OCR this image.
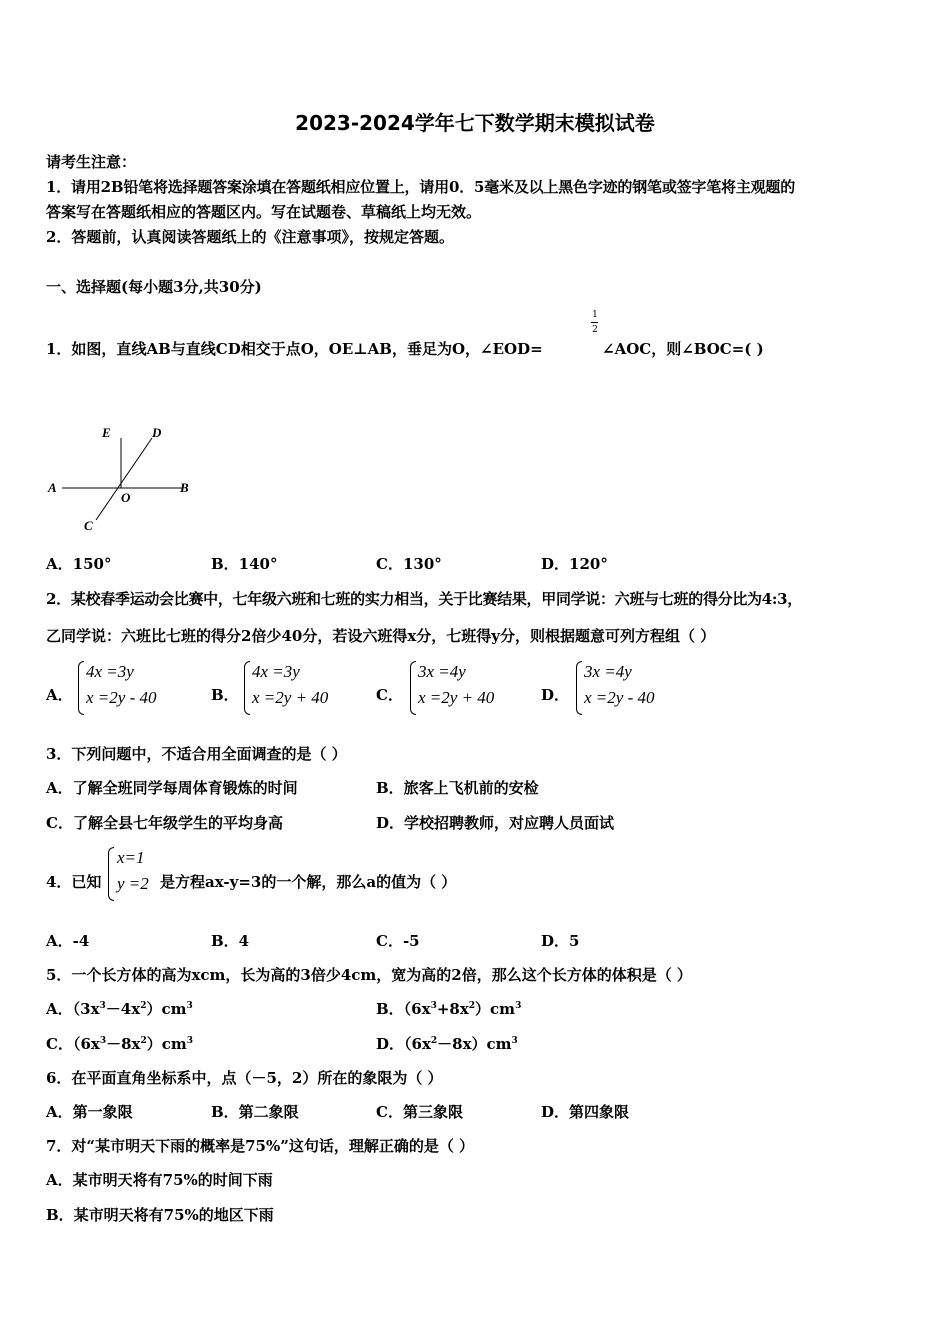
2023-2024学年七下数学期末模拟试卷
请考生注意：
1．请用2B铅笔将选择题答案涂填在答题纸相应位置上，请用0．5毫米及以上黑色字迹的钢笔或签字笔将主观题的
答案写在答题纸相应的答题区内。写在试题卷、草稿纸上均无效。
2．答题前，认真阅读答题纸上的《注意事项》，按规定答题。
一、选择题(每小题3分,共30分)
1．如图，直线AB与直线CD相交于点O，OE⊥AB，垂足为O，∠EOD=
1
2
∠AOC，则∠BOC=( )
E	D
A	B
O
C
A．150°	B．140°	C．130°	D．120°
2．某校春季运动会比赛中，七年级六班和七班的实力相当，关于比赛结果，甲同学说：六班与七班的得分比为4:3，
乙同学说：六班比七班的得分2倍少40分，若设六班得x分，七班得y分，则根据题意可列方程组（ ）
A．
4x =3y
x =2y - 40	B．
4x =3y
x =2y + 40	C．
3x =4y
x =2y + 40	D．
3x =4y
x =2y - 40
3．下列问题中，不适合用全面调查的是（ ）
A．了解全班同学每周体育锻炼的时间	B．旅客上飞机前的安检
C．了解全县七年级学生的平均身高	D．学校招聘教师，对应聘人员面试
4．已知
x=1
y =2 是方程ax-y=3的一个解，那么a的值为（ ）
A．-4	B．4	C．-5	D．5
5．一个长方体的高为xcm，长为高的3倍少4cm，宽为高的2倍，那么这个长方体的体积是（ ）
A．$(3x^3-4x^2)cm^3$	B．$(6x^3+8x^2)cm^3$
C．$(6x^3-8x^2)cm^3$	D．$(6x^2-8x)cm^3$
6．在平面直角坐标系中，点（－5，2）所在的象限为（ ）
A．第一象限	B．第二象限	C．第三象限	D．第四象限
7．对“某市明天下雨的概率是75%”这句话，理解正确的是（ ）
A．某市明天将有75%的时间下雨
B．某市明天将有75%的地区下雨
